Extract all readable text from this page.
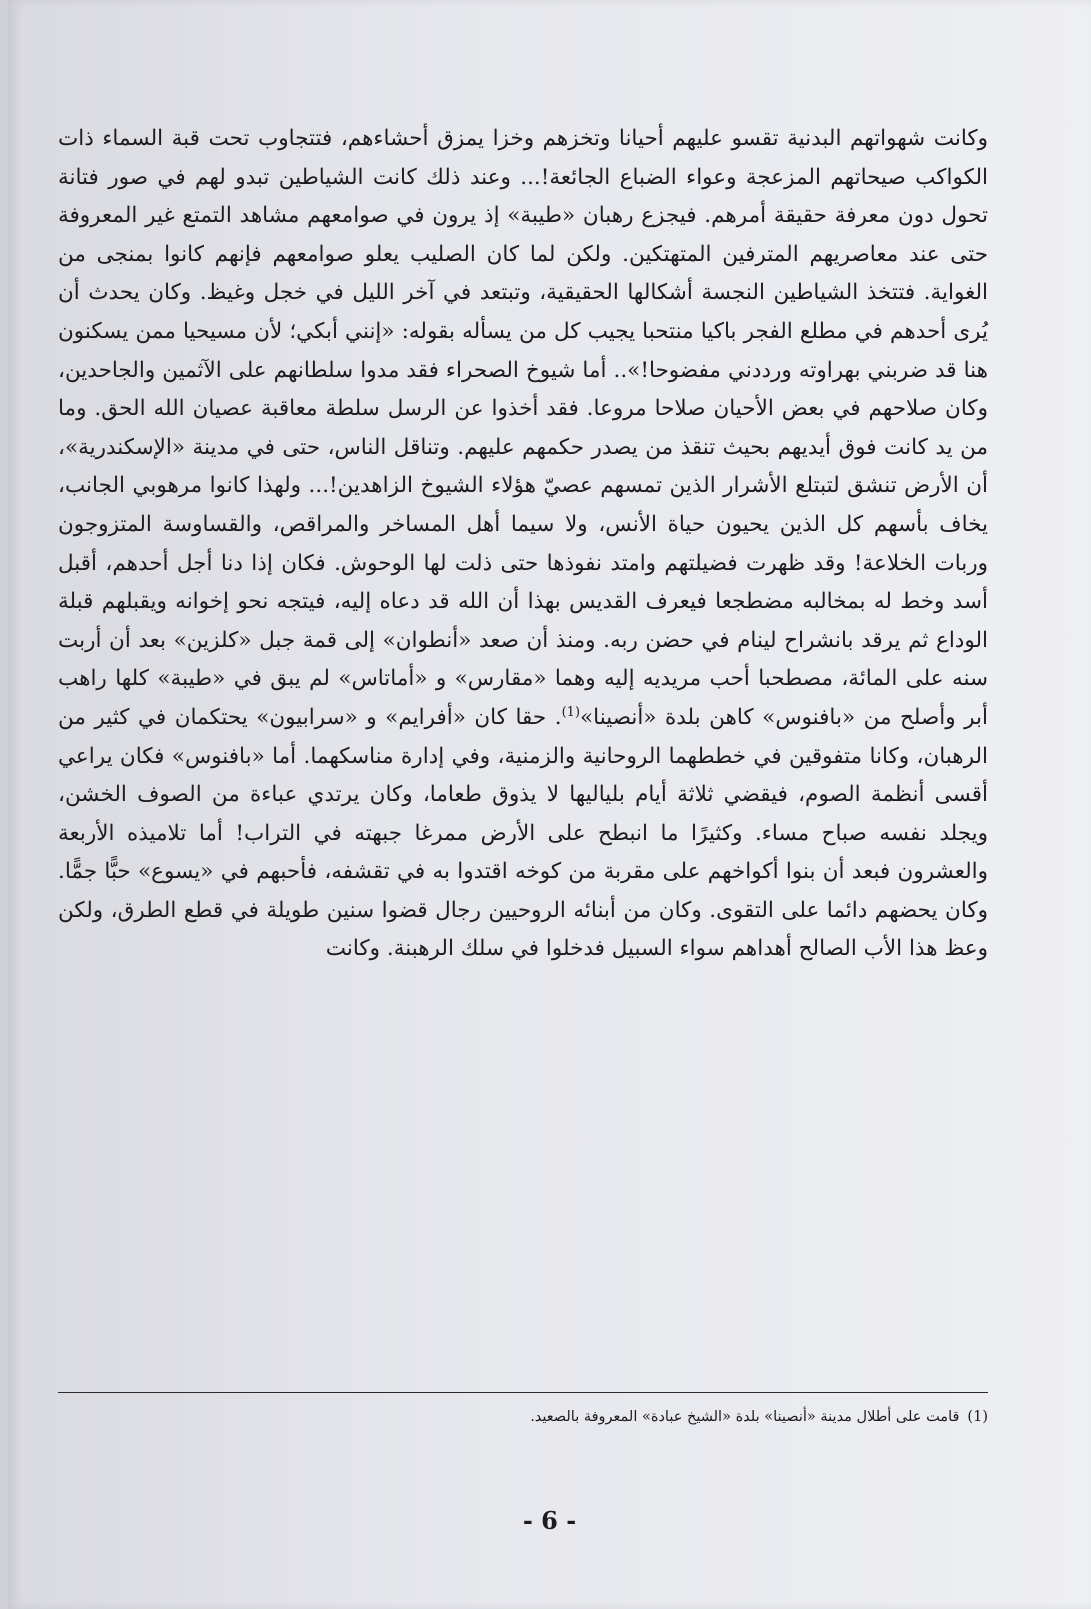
وكانت شهواتهم البدنية تقسو عليهم أحيانا وتخزهم وخزا يمزق أحشاءهم، فتتجاوب تحت قبة السماء ذات الكواكب صيحاتهم المزعجة وعواء الضباع الجائعة!... وعند ذلك كانت الشياطين تبدو لهم في صور فتانة تحول دون معرفة حقيقة أمرهم. فيجزع رهبان «طيبة» إذ يرون في صوامعهم مشاهد التمتع غير المعروفة حتى عند معاصريهم المترفين المتهتكين. ولكن لما كان الصليب يعلو صوامعهم فإنهم كانوا بمنجى من الغواية. فتتخذ الشياطين النجسة أشكالها الحقيقية، وتبتعد في آخر الليل في خجل وغيظ. وكان يحدث أن يُرى أحدهم في مطلع الفجر باكيا منتحبا يجيب كل من يسأله بقوله: «إنني أبكي؛ لأن مسيحيا ممن يسكنون هنا قد ضربني بهراوته ورددني مفضوحا!».. أما شيوخ الصحراء فقد مدوا سلطانهم على الآثمين والجاحدين، وكان صلاحهم في بعض الأحيان صلاحا مروعا. فقد أخذوا عن الرسل سلطة معاقبة عصيان الله الحق. وما من يد كانت فوق أيديهم بحيث تنقذ من يصدر حكمهم عليهم. وتناقل الناس، حتى في مدينة «الإسكندرية»، أن الأرض تنشق لتبتلع الأشرار الذين تمسهم عصيّ هؤلاء الشيوخ الزاهدين!... ولهذا كانوا مرهوبي الجانب، يخاف بأسهم كل الذين يحيون حياة الأنس، ولا سيما أهل المساخر والمراقص، والقساوسة المتزوجون وربات الخلاعة! وقد ظهرت فضيلتهم وامتد نفوذها حتى ذلت لها الوحوش. فكان إذا دنا أجل أحدهم، أقبل أسد وخط له بمخالبه مضطجعا فيعرف القديس بهذا أن الله قد دعاه إليه، فيتجه نحو إخوانه ويقبلهم قبلة الوداع ثم يرقد بانشراح لينام في حضن ربه. ومنذ أن صعد «أنطوان» إلى قمة جبل «كلزين» بعد أن أربت سنه على المائة، مصطحبا أحب مريديه إليه وهما «مقارس» و «أماتاس» لم يبق في «طيبة» كلها راهب أبر وأصلح من «بافنوس» كاهن بلدة «أنصينا»$^{(1)}$. حقا كان «أفرايم» و «سرابيون» يحتكمان في كثير من الرهبان، وكانا متفوقين في خططهما الروحانية والزمنية، وفي إدارة مناسكهما. أما «بافنوس» فكان يراعي أقسى أنظمة الصوم، فيقضي ثلاثة أيام بلياليها لا يذوق طعاما، وكان يرتدي عباءة من الصوف الخشن، ويجلد نفسه صباح مساء. وكثيرًا ما انبطح على الأرض ممرغا جبهته في التراب! أما تلاميذه الأربعة والعشرون فبعد أن بنوا أكواخهم على مقربة من كوخه اقتدوا به في تقشفه، فأحبهم في «يسوع» حبًّا جمًّا. وكان يحضهم دائما على التقوى. وكان من أبنائه الروحيين رجال قضوا سنين طويلة في قطع الطرق، ولكن وعظ هذا الأب الصالح أهداهم سواء السبيل فدخلوا في سلك الرهبنة. وكانت

(1)قامت على أطلال مدينة «أنصينا» بلدة «الشيخ عبادة» المعروفة بالصعيد.

- 6 -
